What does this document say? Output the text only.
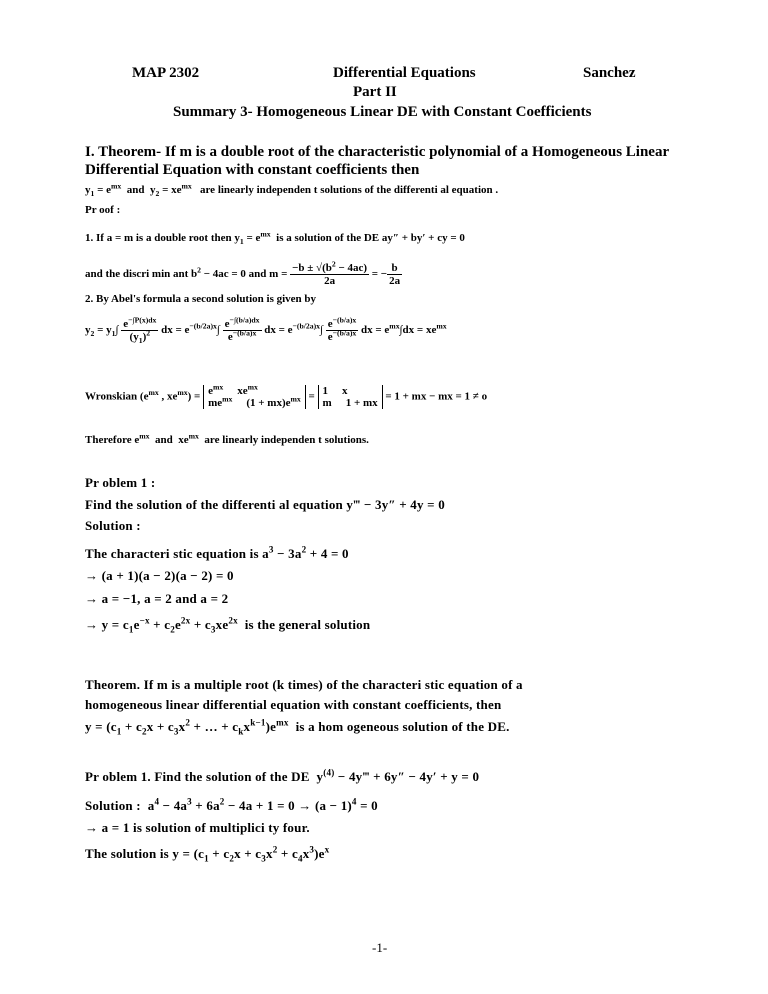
MAP 2302	Differential Equations	Sanchez
Part II
Summary 3- Homogeneous Linear DE with Constant Coefficients
I. Theorem- If m is a double root of the characteristic polynomial of a Homogeneous Linear
Differential Equation with constant coefficients then
$y_1 = e^{mx}$  and  $y_2 = xe^{mx}$ are linearly independen t solutions of the differenti al equation .
Pr oof :
1. If a = m is a double root then $y_1 = e^{mx}$ is a solution of the DE ay″ + by′ + cy = 0
and the discri min ant $b^2 - 4ac = 0$ and $m = \frac{-b \pm √(b^2 - 4ac)}{2a}$ = − $\frac{b}{2a}$
2. By Abel's formula a second solution is given by
$y_2 = y_1\int \frac{e^{-\int P(x)dx}}{(y_1)^2}$ dx = $e^{-(b/2a)x}\int \frac{e^{-\int(b/a)dx}}{e^{-(b/a)x}}$ dx = $e^{-(b/2a)x}\int \frac{e^{-(b/a)x}}{e^{-(b/a)x}}$ dx = $e^{mx}\int dx = xe^{mx}$
Wronskian ($e^{mx}$ , $xe^{mx}) = e^{mx}$ $xe^{mx}$
$me^{mx}$ $(1 + mx)e^{mx} = 1$ x
m 1 + mx
= 1 + mx − mx = 1 ≠ o
Therefore $e^{mx}$  and  $xe^{mx}$ are linearly independen t solutions.
Pr oblem 1 :
Find the solution of the differenti al equation y‴ − 3y″ + 4y = 0
Solution :
The characteri stic equation is $a^3 - 3a^2 + 4 = 0$
→ (a + 1)(a − 2)(a − 2) = 0
→ a = −1, a = 2 and a = 2
→ $y = c_1e^{-x} + c_2e^{2x} + c_3xe^{2x}$ is the general solution
Theorem. If m is a multiple root (k times) of the characteri stic equation of a
homogeneous linear differential equation with constant coefficients, then
$y = (c_1 + c_2x + c_3x^2$ + … + $c_kx^{k-1})e^{mx}$ is a hom ogeneous solution of the DE.
Pr oblem 1. Find the solution of the DE  $y^{(4)}$ − 4y‴ + 6y″ − 4y′ + y = 0
Solution :  $a^4 - 4a^3 + 6a^2 - 4a + 1 = 0 \to (a - 1)^4 = 0$
→ a = 1 is solution of multiplici ty four.
The solution is $y = (c_1 + c_2x + c_3x^2 + c_4x^3)e^x$
-1-
